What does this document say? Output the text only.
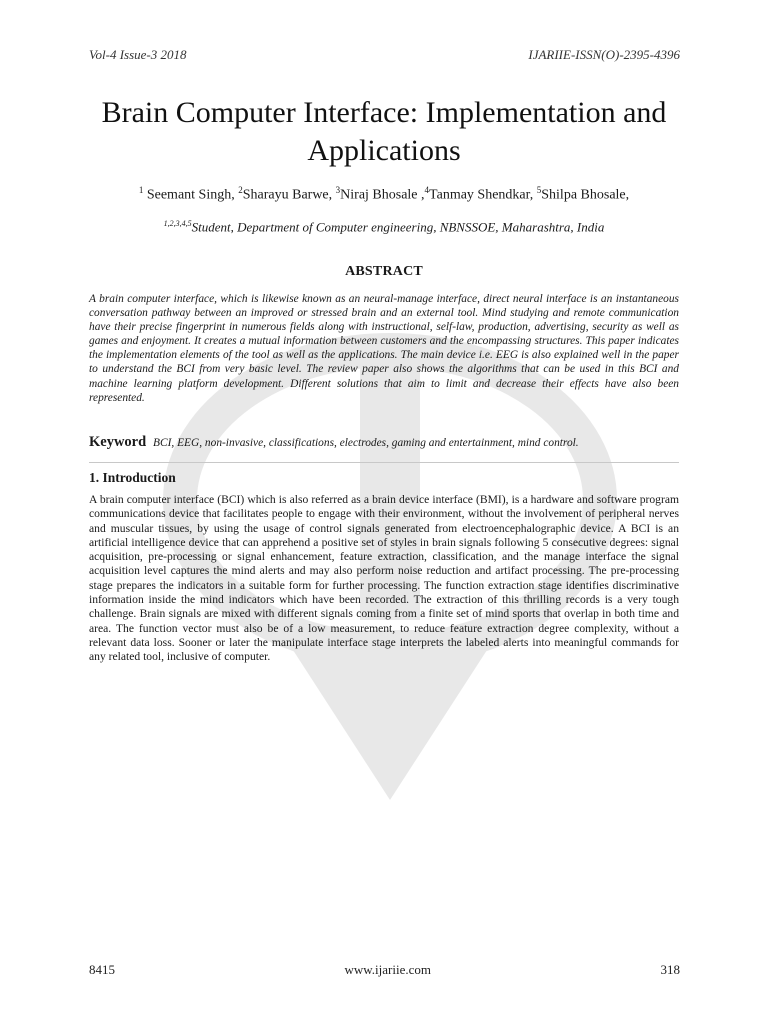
Vol-4 Issue-3 2018	IJARIIE-ISSN(O)-2395-4396
Brain Computer Interface: Implementation and Applications
$^1$ Seemant Singh, $^2$Sharayu Barwe, $^3$Niraj Bhosale ,$^4$Tanmay Shendkar, $^5$Shilpa Bhosale,
$^{1,2,3,4,5}$Student, Department of Computer engineering, NBNSSOE, Maharashtra, India
ABSTRACT

A brain computer interface, which is likewise known as an neural-manage interface, direct neural interface is an instantaneous conversation pathway between an improved or stressed brain and an external tool. Mind studying and remote communication have their precise fingerprint in numerous fields along with instructional, self-law, production, advertising, security as well as games and enjoyment. It creates a mutual information between customers and the encompassing structures. This paper indicates the implementation elements of the tool as well as the applications. The main device i.e. EEG is also explained well in the paper to understand the BCI from very basic level. The review paper also shows the algorithms that can be used in this BCI and machine learning platform development. Different solutions that aim to limit and decrease their effects have also been represented.

Keyword BCI, EEG, non-invasive, classifications, electrodes, gaming and entertainment, mind control.
1. Introduction

A brain computer interface (BCI) which is also referred as a brain device interface (BMI), is a hardware and software program communications device that facilitates people to engage with their environment, without the involvement of peripheral nerves and muscular tissues, by using the usage of control signals generated from electroencephalographic device. A BCI is an artificial intelligence device that can apprehend a positive set of styles in brain signals following 5 consecutive degrees: signal acquisition, pre-processing or signal enhancement, feature extraction, classification, and the manage interface the signal acquisition level captures the mind alerts and may also perform noise reduction and artifact processing. The pre-processing stage prepares the indicators in a suitable form for further processing. The function extraction stage identifies discriminative information inside the mind indicators which have been recorded. The extraction of this thrilling records is a very tough challenge. Brain signals are mixed with different signals coming from a finite set of mind sports that overlap in both time and area. The function vector must also be of a low measurement, to reduce feature extraction degree complexity, without a relevant data loss. Sooner or later the manipulate interface stage interprets the labeled alerts into meaningful commands for any related tool, inclusive of computer.

8415	www.ijariie.com	318
